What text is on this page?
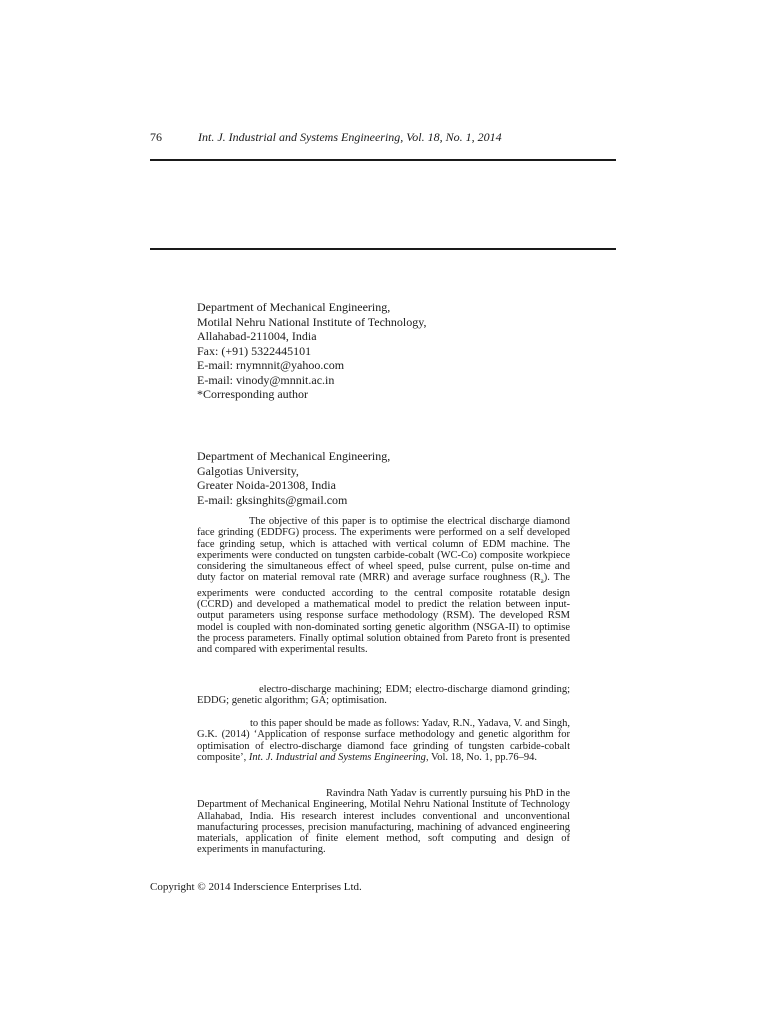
76	Int. J. Industrial and Systems Engineering, Vol. 18, No. 1, 2014
Department of Mechanical Engineering,
Motilal Nehru National Institute of Technology,
Allahabad-211004, India
Fax: (+91) 5322445101
E-mail: rnymnnit@yahoo.com
E-mail: vinody@mnnit.ac.in
*Corresponding author
Department of Mechanical Engineering,
Galgotias University,
Greater Noida-201308, India
E-mail: gksinghits@gmail.com

The objective of this paper is to optimise the electrical discharge diamond face grinding (EDDFG) process. The experiments were performed on a self developed face grinding setup, which is attached with vertical column of EDM machine. The experiments were conducted on tungsten carbide-cobalt (WC-Co) composite workpiece considering the simultaneous effect of wheel speed, pulse current, pulse on-time and duty factor on material removal rate (MRR) and average surface roughness $(R_a)$. The experiments were conducted according to the central composite rotatable design (CCRD) and developed a mathematical model to predict the relation between input-output parameters using response surface methodology (RSM). The developed RSM model is coupled with non-dominated sorting genetic algorithm (NSGA-II) to optimise the process parameters. Finally optimal solution obtained from Pareto front is presented and compared with experimental results.

electro-discharge machining; EDM; electro-discharge diamond grinding; EDDG; genetic algorithm; GA; optimisation.

to this paper should be made as follows: Yadav, R.N., Yadava, V. and Singh, G.K. (2014) ‘Application of response surface methodology and genetic algorithm for optimisation of electro-discharge diamond face grinding of tungsten carbide-cobalt composite’, Int. J. Industrial and Systems Engineering, Vol. 18, No. 1, pp.76–94.

Ravindra Nath Yadav is currently pursuing his PhD in the Department of Mechanical Engineering, Motilal Nehru National Institute of Technology Allahabad, India. His research interest includes conventional and unconventional manufacturing processes, precision manufacturing, machining of advanced engineering materials, application of finite element method, soft computing and design of experiments in manufacturing.

Copyright © 2014 Inderscience Enterprises Ltd.
